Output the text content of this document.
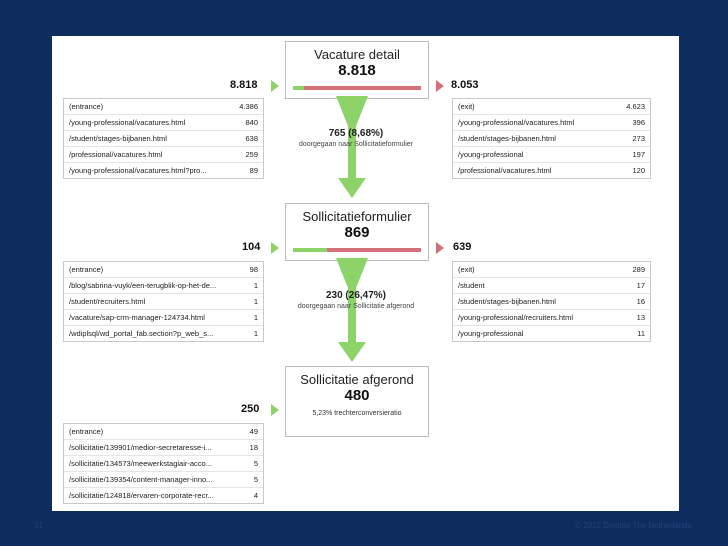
Vacature detail
8.818
8.818	8.053
(entrance)	4.386
/young-professional/vacatures.html	840
/student/stages-bijbanen.html	638
/professional/vacatures.html	259
/young-professional/vacatures.html?pro...	89
(exit)	4.623
/young-professional/vacatures.html	396
/student/stages-bijbanen.html	273
/young-professional	197
/professional/vacatures.html	120
765 (8,68%)
doorgegaan naar Sollicitatieformulier
Sollicitatieformulier
869
104	639
(entrance)	98
/blog/sabrina-vuyk/een-terugblik-op-het-de...	1
/student/recruiters.html	1
/vacature/sap-crm-manager-124734.html	1
/wdiplsql/wd_portal_fab.section?p_web_s...	1
(exit)	289
/student	17
/student/stages-bijbanen.html	16
/young-professional/recruiters.html	13
/young-professional	11
230 (26,47%)
doorgegaan naar Sollicitatie afgerond
Sollicitatie afgerond
480
5,23% trechterconversieratio
250
(entrance)	49
/sollicitatie/139901/medior-secretaresse-i...	18
/sollicitatie/134573/meewerkstagiair-acco...	5
/sollicitatie/139354/content-manager-inno...	5
/sollicitatie/124818/ervaren-corporate-recr...	4
31	© 2012 Deloitte The Netherlands
